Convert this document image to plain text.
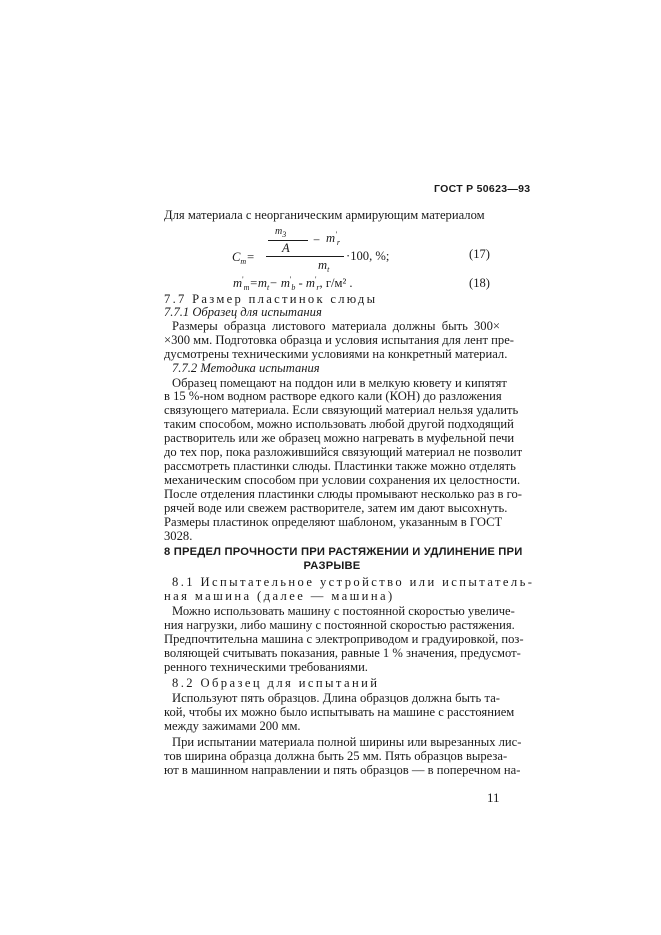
ГОСТ Р 50623—93
Для материала с неорганическим армирующим материалом
$C_m=$
$m_3$
A
− $m'_r$
$m_t$
·100, %;	(17)
$m'_m=m_t- m'_b - m'_r$, г/м² .	(18)
7.7 Размер пластинок слюды
7.7.1 Образец для испытания
Размеры образца листового материала должны быть 300×
×300 мм. Подготовка образца и условия испытания для лент пре-
дусмотрены техническими условиями на конкретный материал.
7.7.2 Методика испытания
Образец помещают на поддон или в мелкую кювету и кипятят
в 15 %-ном водном растворе едкого кали (КОН) до разложения
связующего материала. Если связующий материал нельзя удалить
таким способом, можно использовать любой другой подходящий
растворитель или же образец можно нагревать в муфельной печи
до тех пор, пока разложившийся связующий материал не позволит
рассмотреть пластинки слюды. Пластинки также можно отделять
механическим способом при условии сохранения их целостности.
После отделения пластинки слюды промывают несколько раз в го-
рячей воде или свежем растворителе, затем им дают высохнуть.
Размеры пластинок определяют шаблоном, указанным в ГОСТ
3028.
8 ПРЕДЕЛ ПРОЧНОСТИ ПРИ РАСТЯЖЕНИИ И УДЛИНЕНИЕ ПРИ
РАЗРЫВЕ
8.1 Испытательное устройство или испытатель-
ная машина (далее — машина)
Можно использовать машину с постоянной скоростью увеличе-
ния нагрузки, либо машину с постоянной скоростью растяжения.
Предпочтительна машина с электроприводом и градуировкой, поз-
воляющей считывать показания, равные 1 % значения, предусмот-
ренного техническими требованиями.
8.2 Образец для испытаний
Используют пять образцов. Длина образцов должна быть та-
кой, чтобы их можно было испытывать на машине с расстоянием
между зажимами 200 мм.
При испытании материала полной ширины или вырезанных лис-
тов ширина образца должна быть 25 мм. Пять образцов выреза-
ют в машинном направлении и пять образцов — в поперечном на-
11
